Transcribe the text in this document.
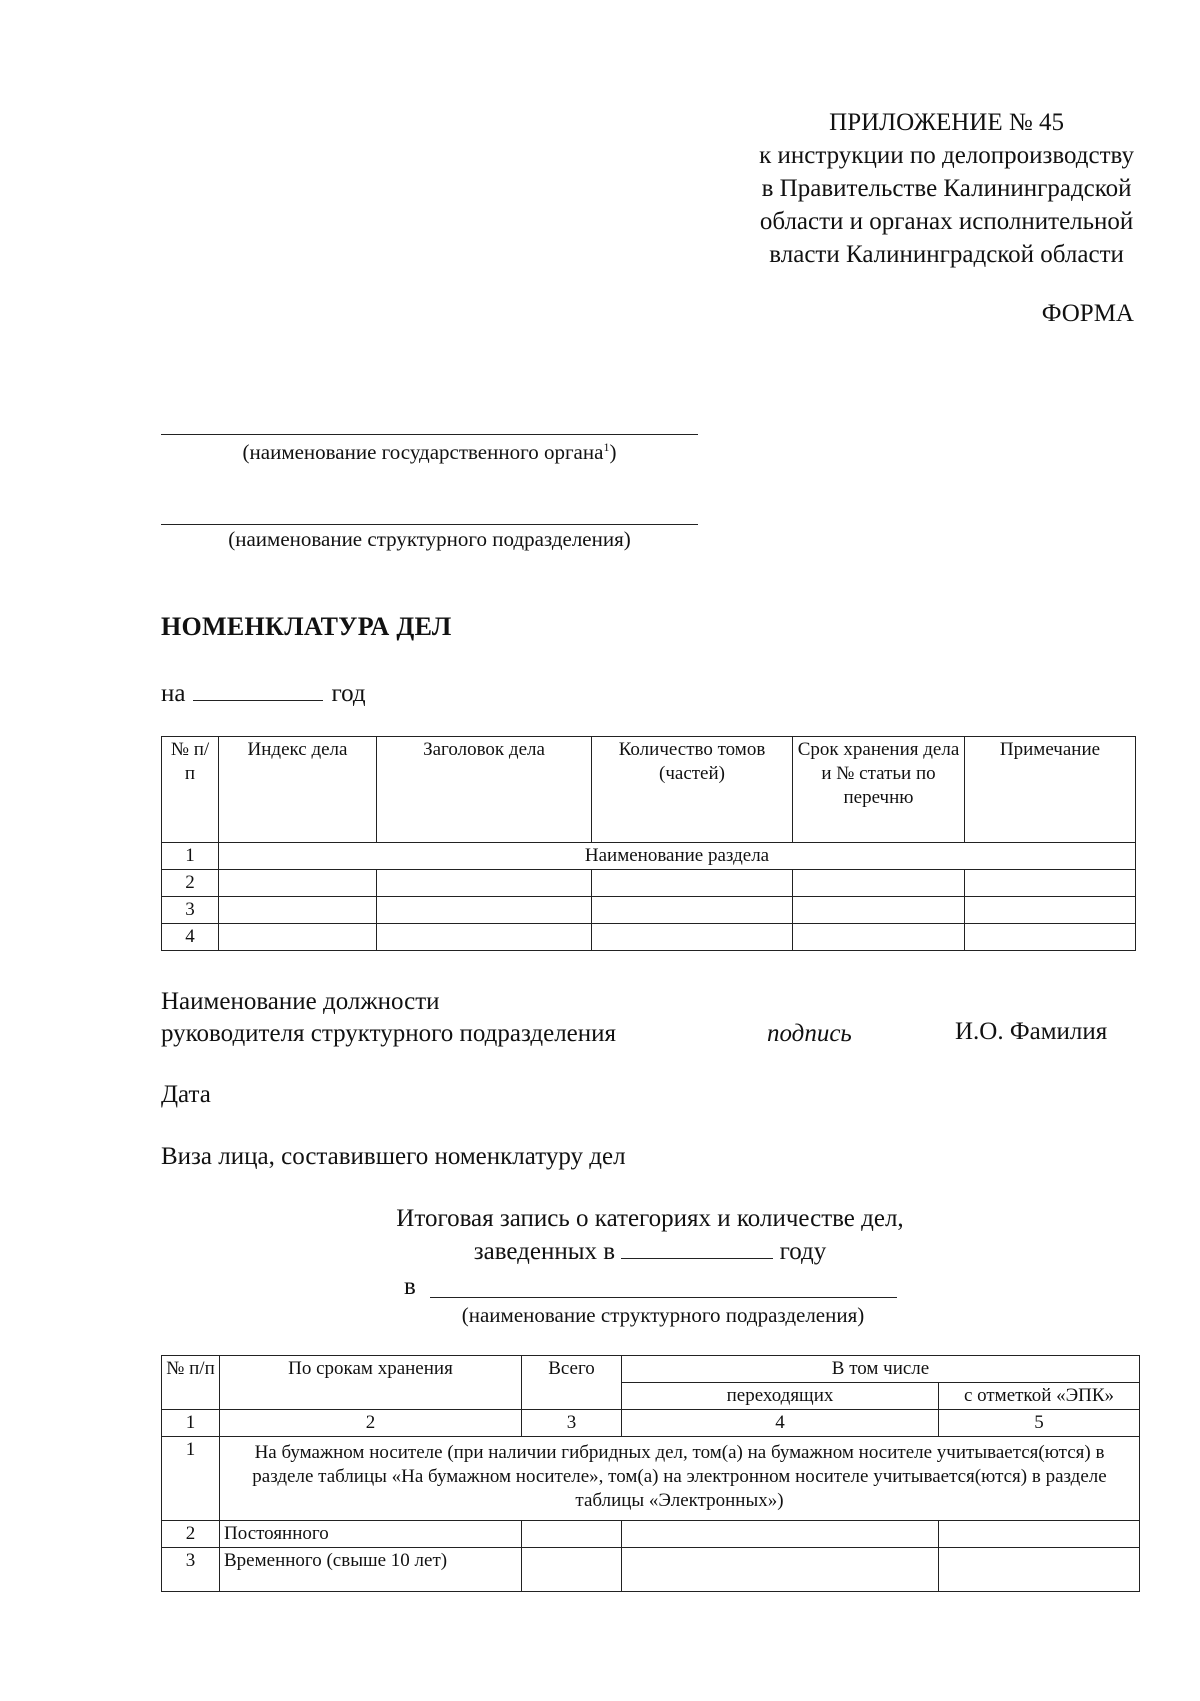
ПРИЛОЖЕНИЕ № 45
к инструкции по делопроизводству
в Правительстве Калининградской
области и органах исполнительной
власти Калининградской области
ФОРМА
(наименование государственного органа$^1$)
(наименование структурного подразделения)
НОМЕНКЛАТУРА ДЕЛ
на	год
№ п/п	Индекс дела	Заголовок дела	Количество томов (частей)	Срок хранения дела и № статьи по перечню	Примечание
1	Наименование раздела				
2					
3					
4					
Наименование должности
руководителя структурного подразделения	подпись	И.О. Фамилия
Дата
Виза лица, составившего номенклатуру дел
Итоговая запись о категориях и количестве дел,
заведенных в	году
в
(наименование структурного подразделения)
№ п/п	По срокам хранения	Всего	В том числе	
			переходящих	с отметкой «ЭПК»
1	2	3	4	5
1	На бумажном носителе (при наличии гибридных дел, том(а) на бумажном носителе учитывается(ются) в разделе таблицы «На бумажном носителе», том(а) на электронном носителе учитывается(ются) в разделе таблицы «Электронных»)			
2	Постоянного			
3	Временного (свыше 10 лет)			
